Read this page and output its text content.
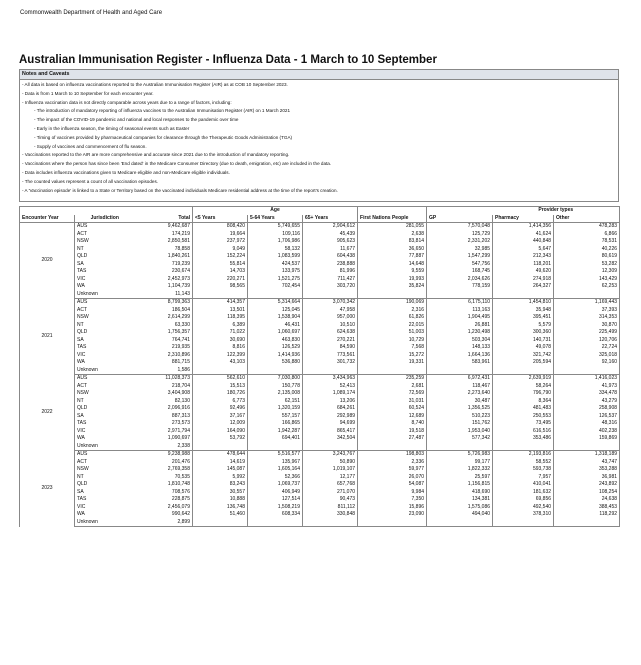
Commonwealth Department of Health and Aged Care
Australian Immunisation Register - Influenza Data - 1 March to 10 September
Notes and Caveats
- All data is based on influenza vaccinations reported to the Australian Immunisation Register (AIR) as at COB 10 September 2023.
- Data is from 1 March to 10 September for each encounter year.
- Influenza vaccination data is not directly comparable across years due to a range of factors, including:
- The introduction of mandatory reporting of influenza vaccines to the Australian Immunisation Register (AIR) on 1 March 2021
- The impact of the COVID-19 pandemic and national and local responses to the pandemic over time
- Early in the influenza season, the timing of seasonal events such as Easter
- Timing of vaccines provided by pharmaceutical companies for clearance through the Therapeutic Goods Administration (TGA)
- Supply of vaccines and commencement of flu season.
- Vaccinations reported to the AIR are more comprehensive and accurate since 2021 due to the introduction of mandatory reporting.
- Vaccinations where the person has since been 'End dated' in the Medicare Consumer Directory (due to death, emigration, etc) are included in the data.
- Data includes influenza vaccinations given to Medicare eligible and non-Medicare eligible individuals.
- The counted values represent a count of all vaccination episodes.
- A 'Vaccination episode' is linked to a State or Territory based on the vaccinated individuals Medicare residential address at the time of the report's creation.
			Age					Provider types	
Encounter Year	Jurisdiction	Total	<5 Years	5-64 Years	65+ Years	First Nations People	GP	Pharmacy	Other
2020	AUS	9,462,687	808,420	5,749,655	2,904,612	281,055	7,570,048	1,414,356	478,283
	ACT	174,219	19,664	109,116	45,439	2,638	125,729	41,624	6,866
	NSW	2,850,581	237,972	1,706,986	905,623	83,814	2,331,202	440,848	78,531
	NT	78,858	9,049	58,132	11,677	36,650	32,985	5,647	40,226
	QLD	1,840,261	152,224	1,083,599	604,438	77,887	1,547,299	212,343	80,619
	SA	719,239	55,814	424,537	238,888	14,648	547,756	118,201	53,282
	TAS	230,674	14,703	133,975	81,996	9,559	168,745	49,620	12,309
	VIC	2,452,973	220,271	1,521,275	711,427	19,993	2,034,626	274,918	143,429
	WA	1,104,739	98,565	702,454	303,720	35,824	778,159	264,327	62,253
	Unknown	11,143							
2021	AUS	8,799,363	414,357	5,314,664	3,070,342	190,069	6,175,110	1,454,810	1,169,443
	ACT	186,504	13,501	125,045	47,958	2,316	113,163	35,948	37,393
	NSW	2,614,299	118,395	1,538,904	957,000	61,826	1,904,495	395,451	314,353
	NT	63,330	6,389	46,431	10,510	22,015	26,881	5,579	30,870
	QLD	1,756,357	71,022	1,060,697	624,638	51,003	1,230,498	300,360	225,499
	SA	764,741	30,690	463,830	270,221	10,729	503,304	140,731	120,706
	TAS	219,935	8,816	126,529	84,590	7,568	148,133	49,078	22,724
	VIC	2,310,896	122,399	1,414,936	773,561	15,272	1,664,136	321,742	325,018
	WA	881,715	43,103	536,880	301,732	19,331	583,961	205,594	92,160
	Unknown	1,586							
2022	AUS	11,028,373	562,610	7,030,800	3,434,963	235,259	6,972,431	2,639,919	1,416,023
	ACT	218,704	15,513	150,778	52,413	2,681	118,467	58,264	41,973
	NSW	3,404,908	180,726	2,135,008	1,089,174	72,569	2,273,640	796,790	334,478
	NT	82,130	6,773	62,151	13,206	31,031	30,487	8,364	43,279
	QLD	2,096,916	92,496	1,320,159	684,261	60,524	1,356,525	481,483	258,908
	SA	887,313	37,167	557,157	292,989	12,689	510,223	250,553	126,537
	TAS	273,573	12,009	166,865	94,699	8,740	151,762	73,495	48,316
	VIC	2,971,794	164,090	1,942,287	865,417	19,518	1,953,040	616,516	402,238
	WA	1,090,697	53,792	694,401	342,504	27,487	577,342	353,486	159,869
	Unknown	2,338							
2023	AUS	9,238,988	478,644	5,516,577	3,243,767	198,803	5,726,983	2,193,816	1,318,189
	ACT	201,476	14,619	135,967	50,890	2,336	99,177	58,552	43,747
	NSW	2,769,358	145,087	1,605,164	1,019,107	59,977	1,822,332	593,738	353,288
	NT	70,535	5,992	52,366	12,177	26,070	25,597	7,957	36,981
	QLD	1,810,748	83,243	1,069,737	657,768	54,087	1,156,815	410,041	243,892
	SA	708,576	30,557	406,949	271,070	9,984	418,690	181,632	108,254
	TAS	228,875	10,888	127,514	90,473	7,350	134,381	69,856	24,638
	VIC	2,456,079	136,748	1,508,219	811,112	15,896	1,575,086	492,540	388,453
	WA	990,642	51,460	608,334	330,848	23,090	494,040	378,310	118,292
	Unknown	2,899							
